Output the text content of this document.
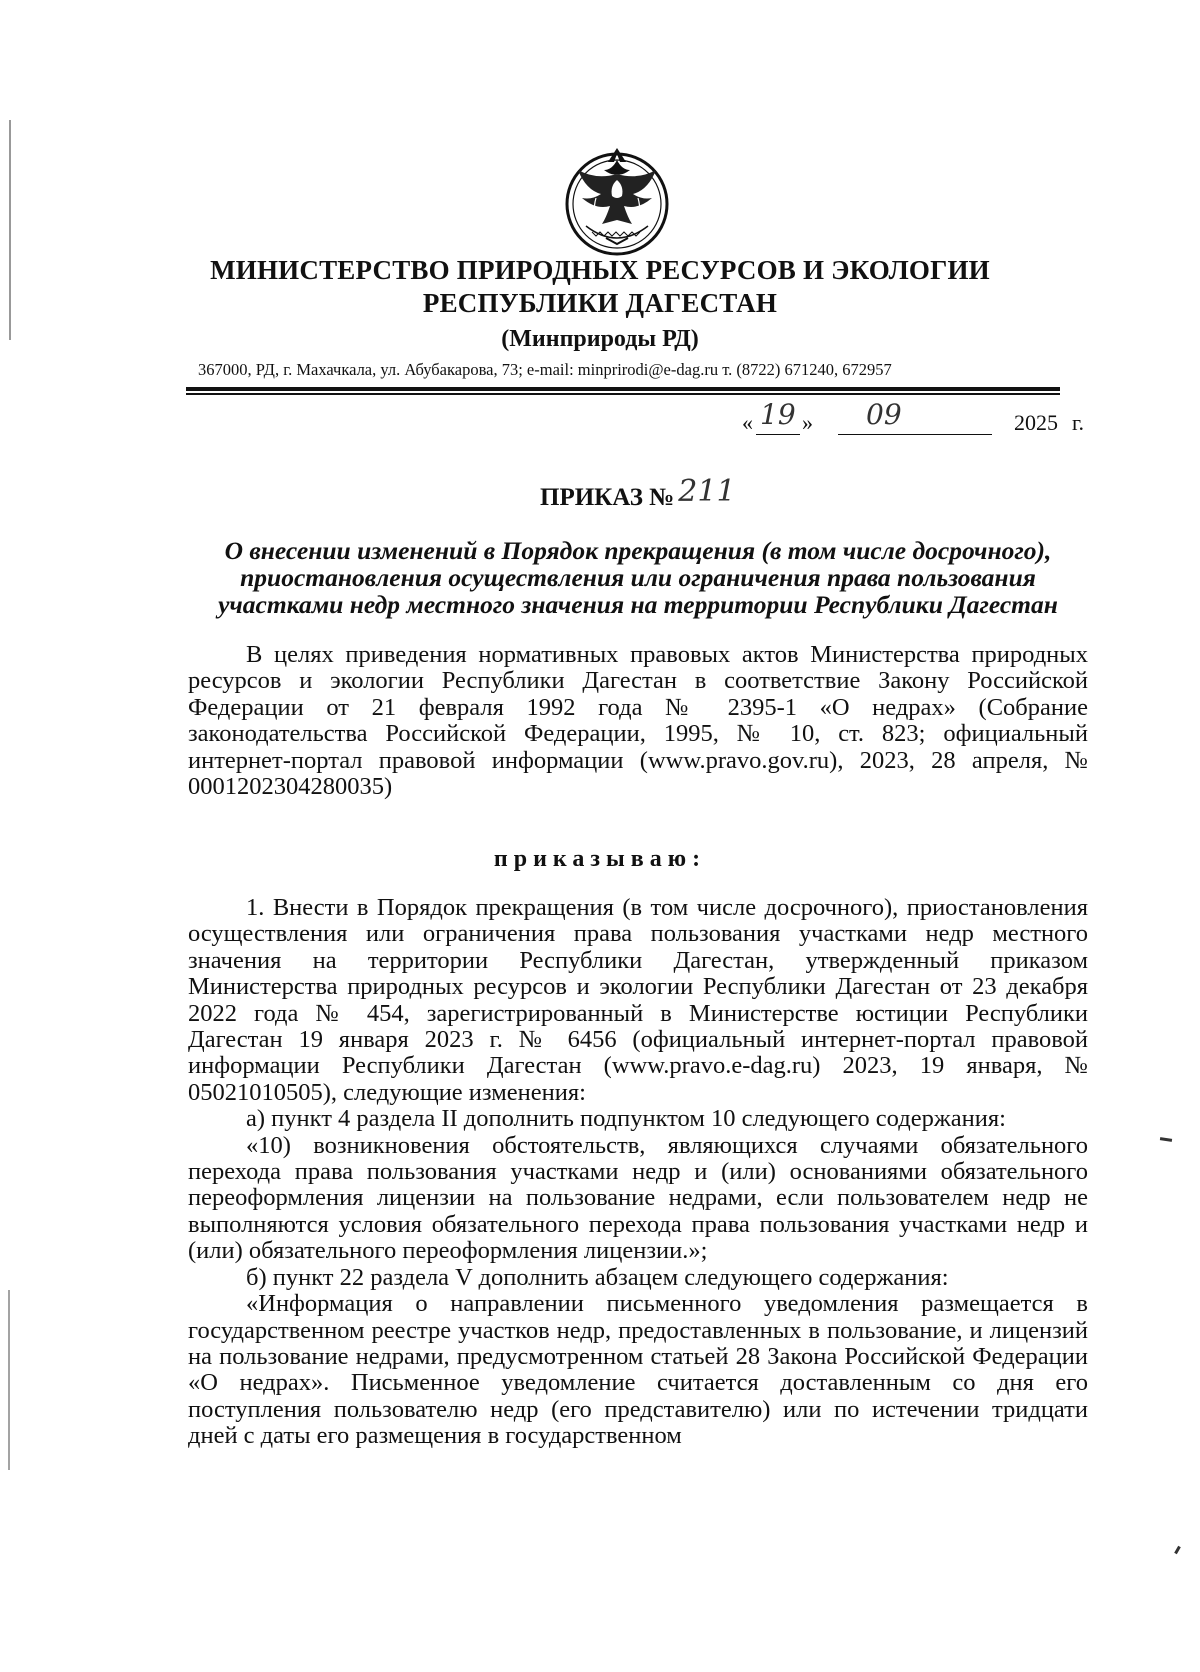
МИНИСТЕРСТВО ПРИРОДНЫХ РЕСУРСОВ И ЭКОЛОГИИ
РЕСПУБЛИКИ ДАГЕСТАН
(Минприроды РД)
367000, РД, г. Махачкала, ул. Абубакарова, 73; e-mail: minprirodi@e-dag.ru т. (8722) 671240, 672957
« 19 » 09	2025 г.
ПРИКАЗ № 211
О внесении изменений в Порядок прекращения (в том числе досрочного),
приостановления осуществления или ограничения права пользования
участками недр местного значения на территории Республики Дагестан

В целях приведения нормативных правовых актов Министерства природных ресурсов и экологии Республики Дагестан в соответствие Закону Российской Федерации от 21 февраля 1992 года № 2395-1 «О недрах» (Собрание законодательства Российской Федерации, 1995, № 10, ст. 823; официальный интернет-портал правовой информации (www.pravo.gov.ru), 2023, 28 апреля, № 0001202304280035)

приказываю:

1. Внести в Порядок прекращения (в том числе досрочного), приостановления осуществления или ограничения права пользования участками недр местного значения на территории Республики Дагестан, утвержденный приказом Министерства природных ресурсов и экологии Республики Дагестан от 23 декабря 2022 года № 454, зарегистрированный в Министерстве юстиции Республики Дагестан 19 января 2023 г. № 6456 (официальный интернет-портал правовой информации Республики Дагестан (www.pravo.e-dag.ru) 2023, 19 января, № 05021010505), следующие изменения:

а) пункт 4 раздела II дополнить подпунктом 10 следующего содержания:

«10) возникновения обстоятельств, являющихся случаями обязательного перехода права пользования участками недр и (или) основаниями обязательного переоформления лицензии на пользование недрами, если пользователем недр не выполняются условия обязательного перехода права пользования участками недр и (или) обязательного переоформления лицензии.»;

б) пункт 22 раздела V дополнить абзацем следующего содержания:

«Информация о направлении письменного уведомления размещается в государственном реестре участков недр, предоставленных в пользование, и лицензий на пользование недрами, предусмотренном статьей 28 Закона Российской Федерации «О недрах». Письменное уведомление считается доставленным со дня его поступления пользователю недр (его представителю) или по истечении тридцати дней с даты его размещения в государственном
